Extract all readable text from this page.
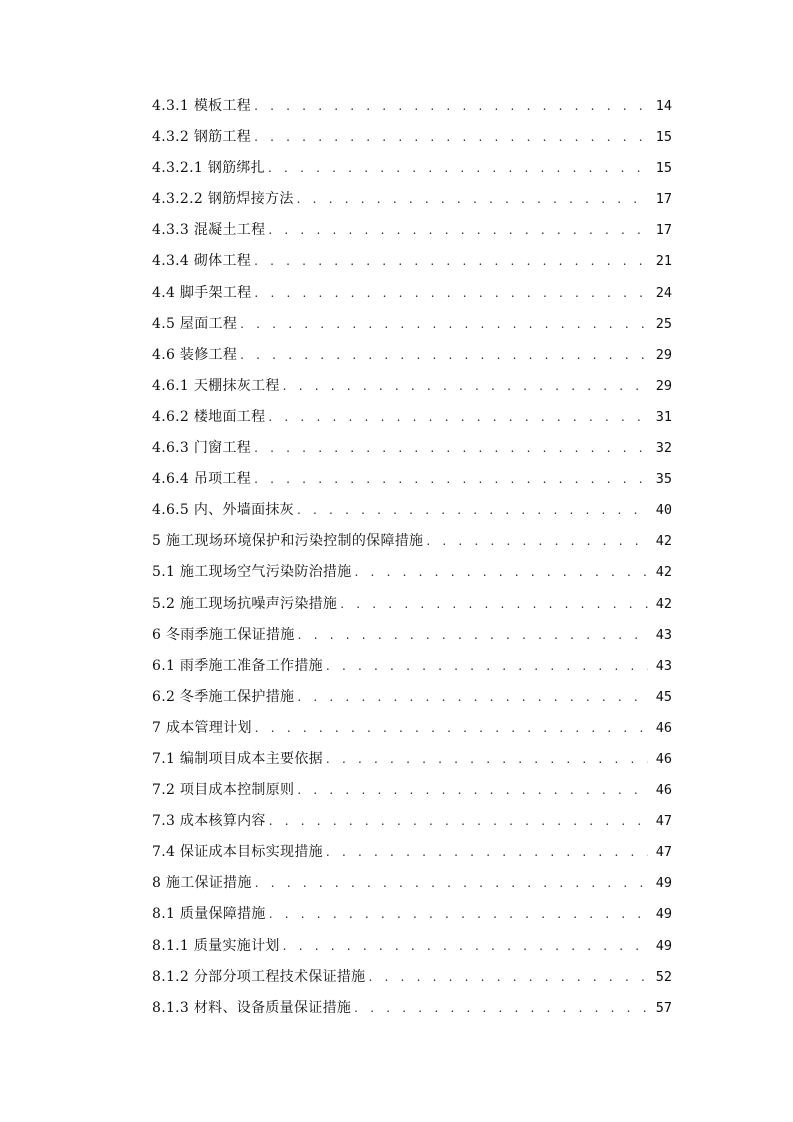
4.3.1 模板工程 . . .	14
4.3.2 钢筋工程 . . .	15
4.3.2.1 钢筋绑扎 . . .	15
4.3.2.2 钢筋焊接方法 . . .	17
4.3.3 混凝土工程 . . .	17
4.3.4 砌体工程 . . .	21
4.4 脚手架工程 . . .	24
4.5 屋面工程 . . .	25
4.6 装修工程 . . .	29
4.6.1 天棚抹灰工程 . . .	29
4.6.2 楼地面工程 . . .	31
4.6.3 门窗工程 . . .	32
4.6.4 吊项工程 . . .	35
4.6.5 内、外墙面抹灰 . . .	40
5 施工现场环境保护和污染控制的保障措施 . . .	42
5.1 施工现场空气污染防治措施 . . .	42
5.2 施工现场抗噪声污染措施 . . .	42
6 冬雨季施工保证措施 . . .	43
6.1 雨季施工准备工作措施 . . .	43
6.2 冬季施工保护措施 . . .	45
7 成本管理计划 . . .	46
7.1 编制项目成本主要依据 . . .	46
7.2 项目成本控制原则 . . .	46
7.3 成本核算内容 . . .	47
7.4 保证成本目标实现措施 . . .	47
8 施工保证措施 . . .	49
8.1 质量保障措施 . . .	49
8.1.1 质量实施计划 . . .	49
8.1.2 分部分项工程技术保证措施 . . .	52
8.1.3 材料、设备质量保证措施 . . .	57
